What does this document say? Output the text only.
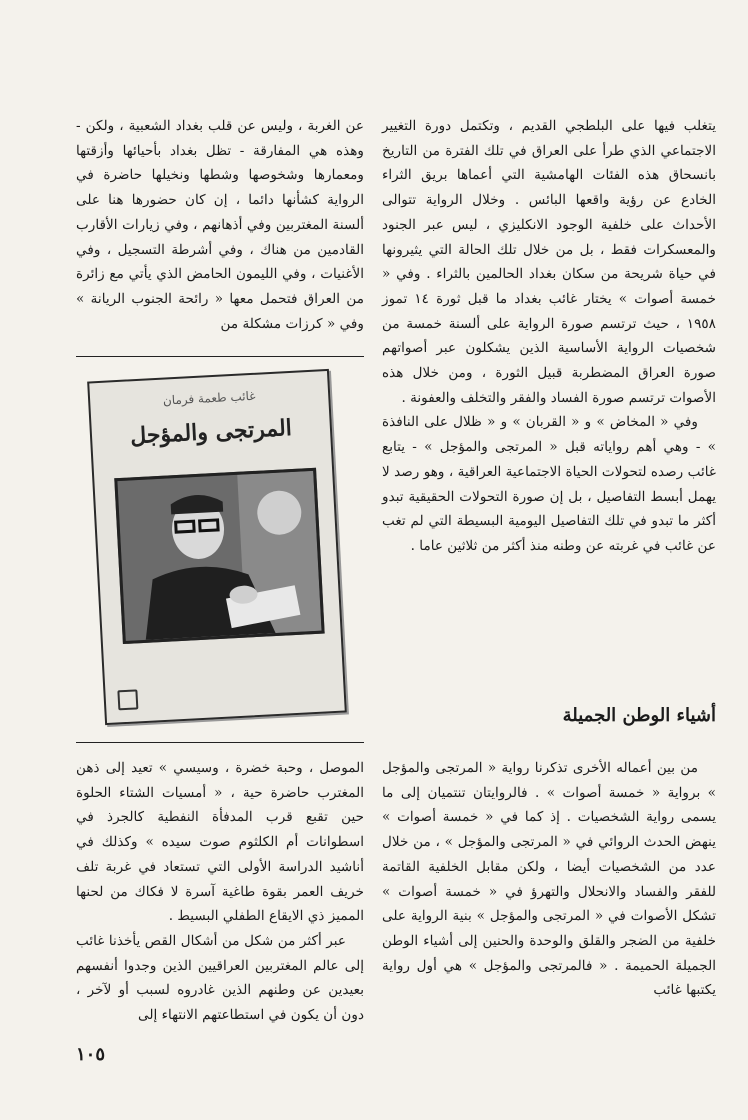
يتغلب فيها على البلطجي القديم ، وتكتمل دورة التغيير الاجتماعي الذي طرأ على العراق في تلك الفترة من التاريخ بانسحاق هذه الفئات الهامشية التي أعماها بريق الثراء الخادع عن رؤية واقعها البائس . وخلال الرواية تتوالى الأحداث على خلفية الوجود الانكليزي ، ليس عبر الجنود والمعسكرات فقط ، بل من خلال تلك الحالة التي يثيرونها في حياة شريحة من سكان بغداد الحالمين بالثراء . وفي « خمسة أصوات » يختار غائب بغداد ما قبل ثورة ١٤ تموز ١٩٥٨ ، حيث ترتسم صورة الرواية على ألسنة خمسة من شخصيات الرواية الأساسية الذين يشكلون عبر أصواتهم صورة العراق المضطربة قبيل الثورة ، ومن خلال هذه الأصوات ترتسم صورة الفساد والفقر والتخلف والعفونة .

وفي « المخاض » و « القربان » و « ظلال على النافذة » - وهي أهم رواياته قبل « المرتجى والمؤجل » - يتابع غائب رصده لتحولات الحياة الاجتماعية العراقية ، وهو رصد لا يهمل أبسط التفاصيل ، بل إن صورة التحولات الحقيقية تبدو أكثر ما تبدو في تلك التفاصيل اليومية البسيطة التي لم تغب عن غائب في غربته عن وطنه منذ أكثر من ثلاثين عاما .

عن الغربة ، وليس عن قلب بغداد الشعبية ، ولكن - وهذه هي المفارقة - تظل بغداد بأحيائها وأزقتها ومعمارها وشخوصها وشطها ونخيلها حاضرة في الرواية كشأنها دائما ، إن كان حضورها هنا على ألسنة المغتربين وفي أذهانهم ، وفي زيارات الأقارب القادمين من هناك ، وفي أشرطة التسجيل ، وفي الأغنيات ، وفي الليمون الحامض الذي يأتي مع زائرة من العراق فتحمل معها « رائحة الجنوب الريانة » وفي « كرزات مشكلة من

غائب طعمة فرمان
المرتجى والمؤجل
أشياء الوطن الجميلة

من بين أعماله الأخرى تذكرنا رواية « المرتجى والمؤجل » برواية « خمسة أصوات » . فالروايتان تنتميان إلى ما يسمى رواية الشخصيات . إذ كما في « خمسة أصوات » ينهض الحدث الروائي في « المرتجى والمؤجل » ، من خلال عدد من الشخصيات أيضا ، ولكن مقابل الخلفية القاتمة للفقر والفساد والانحلال والتهرؤ في « خمسة أصوات » تشكل الأصوات في « المرتجى والمؤجل » بنية الرواية على خلفية من الضجر والقلق والوحدة والحنين إلى أشياء الوطن الجميلة الحميمة . « فالمرتجى والمؤجل » هي أول رواية يكتبها غائب

الموصل ، وحبة خضرة ، وسيسي » تعيد إلى ذهن المغترب حاضرة حية ، « أمسيات الشتاء الحلوة حين تقبع قرب المدفأة النفطية كالجرذ في اسطوانات أم الكلثوم صوت سيده » وكذلك في أناشيد الدراسة الأولى التي تستعاد في غربة تلف خريف العمر بقوة طاغية آسرة لا فكاك من لحنها المميز ذي الايقاع الطفلي البسيط .

عبر أكثر من شكل من أشكال القص يأخذنا غائب إلى عالم المغتربين العراقيين الذين وجدوا أنفسهم بعيدين عن وطنهم الذين غادروه لسبب أو لآخر ، دون أن يكون في استطاعتهم الانتهاء إلى

١٠٥
